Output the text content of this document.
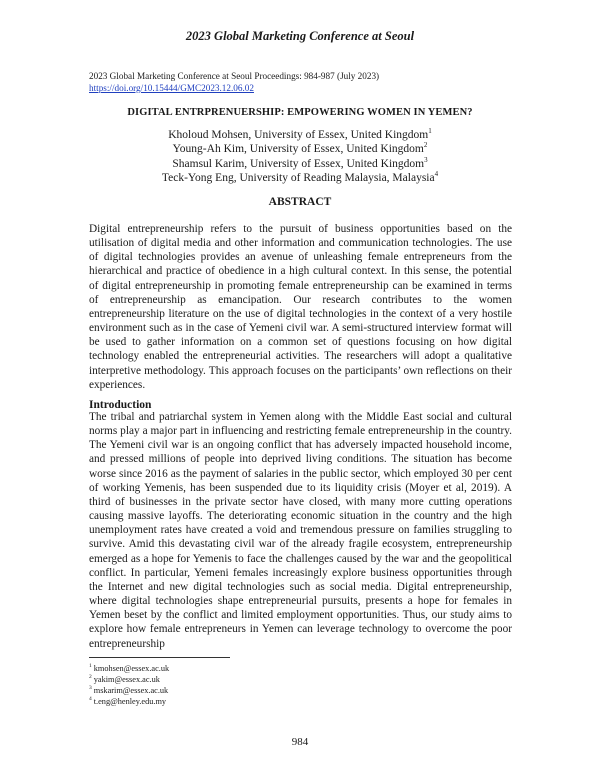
2023 Global Marketing Conference at Seoul
2023 Global Marketing Conference at Seoul Proceedings: 984-987 (July 2023)
https://doi.org/10.15444/GMC2023.12.06.02
DIGITAL ENTRPRENUERSHIP: EMPOWERING WOMEN IN YEMEN?
Kholoud Mohsen, University of Essex, United Kingdom$^1$
Young-Ah Kim, University of Essex, United Kingdom$^2$
Shamsul Karim, University of Essex, United Kingdom$^3$
Teck-Yong Eng, University of Reading Malaysia, Malaysia$^4$
ABSTRACT
Digital entrepreneurship refers to the pursuit of business opportunities based on the utilisation of digital media and other information and communication technologies. The use of digital technologies provides an avenue of unleashing female entrepreneurs from the hierarchical and practice of obedience in a high cultural context. In this sense, the potential of digital entrepreneurship in promoting female entrepreneurship can be examined in terms of entrepreneurship as emancipation. Our research contributes to the women entrepreneurship literature on the use of digital technologies in the context of a very hostile environment such as in the case of Yemeni civil war. A semi-structured interview format will be used to gather information on a common set of questions focusing on how digital technology enabled the entrepreneurial activities. The researchers will adopt a qualitative interpretive methodology. This approach focuses on the participants’ own reflections on their experiences.
Introduction
The tribal and patriarchal system in Yemen along with the Middle East social and cultural norms play a major part in influencing and restricting female entrepreneurship in the country. The Yemeni civil war is an ongoing conflict that has adversely impacted household income, and pressed millions of people into deprived living conditions. The situation has become worse since 2016 as the payment of salaries in the public sector, which employed 30 per cent of working Yemenis, has been suspended due to its liquidity crisis (Moyer et al, 2019). A third of businesses in the private sector have closed, with many more cutting operations causing massive layoffs. The deteriorating economic situation in the country and the high unemployment rates have created a void and tremendous pressure on families struggling to survive. Amid this devastating civil war of the already fragile ecosystem, entrepreneurship emerged as a hope for Yemenis to face the challenges caused by the war and the geopolitical conflict. In particular, Yemeni females increasingly explore business opportunities through the Internet and new digital technologies such as social media. Digital entrepreneurship, where digital technologies shape entrepreneurial pursuits, presents a hope for females in Yemen beset by the conflict and limited employment opportunities. Thus, our study aims to explore how female entrepreneurs in Yemen can leverage technology to overcome the poor entrepreneurship
$^1$ kmohsen@essex.ac.uk
$^2$ yakim@essex.ac.uk
$^3$ mskarim@essex.ac.uk
$^4$ t.eng@henley.edu.my
984
